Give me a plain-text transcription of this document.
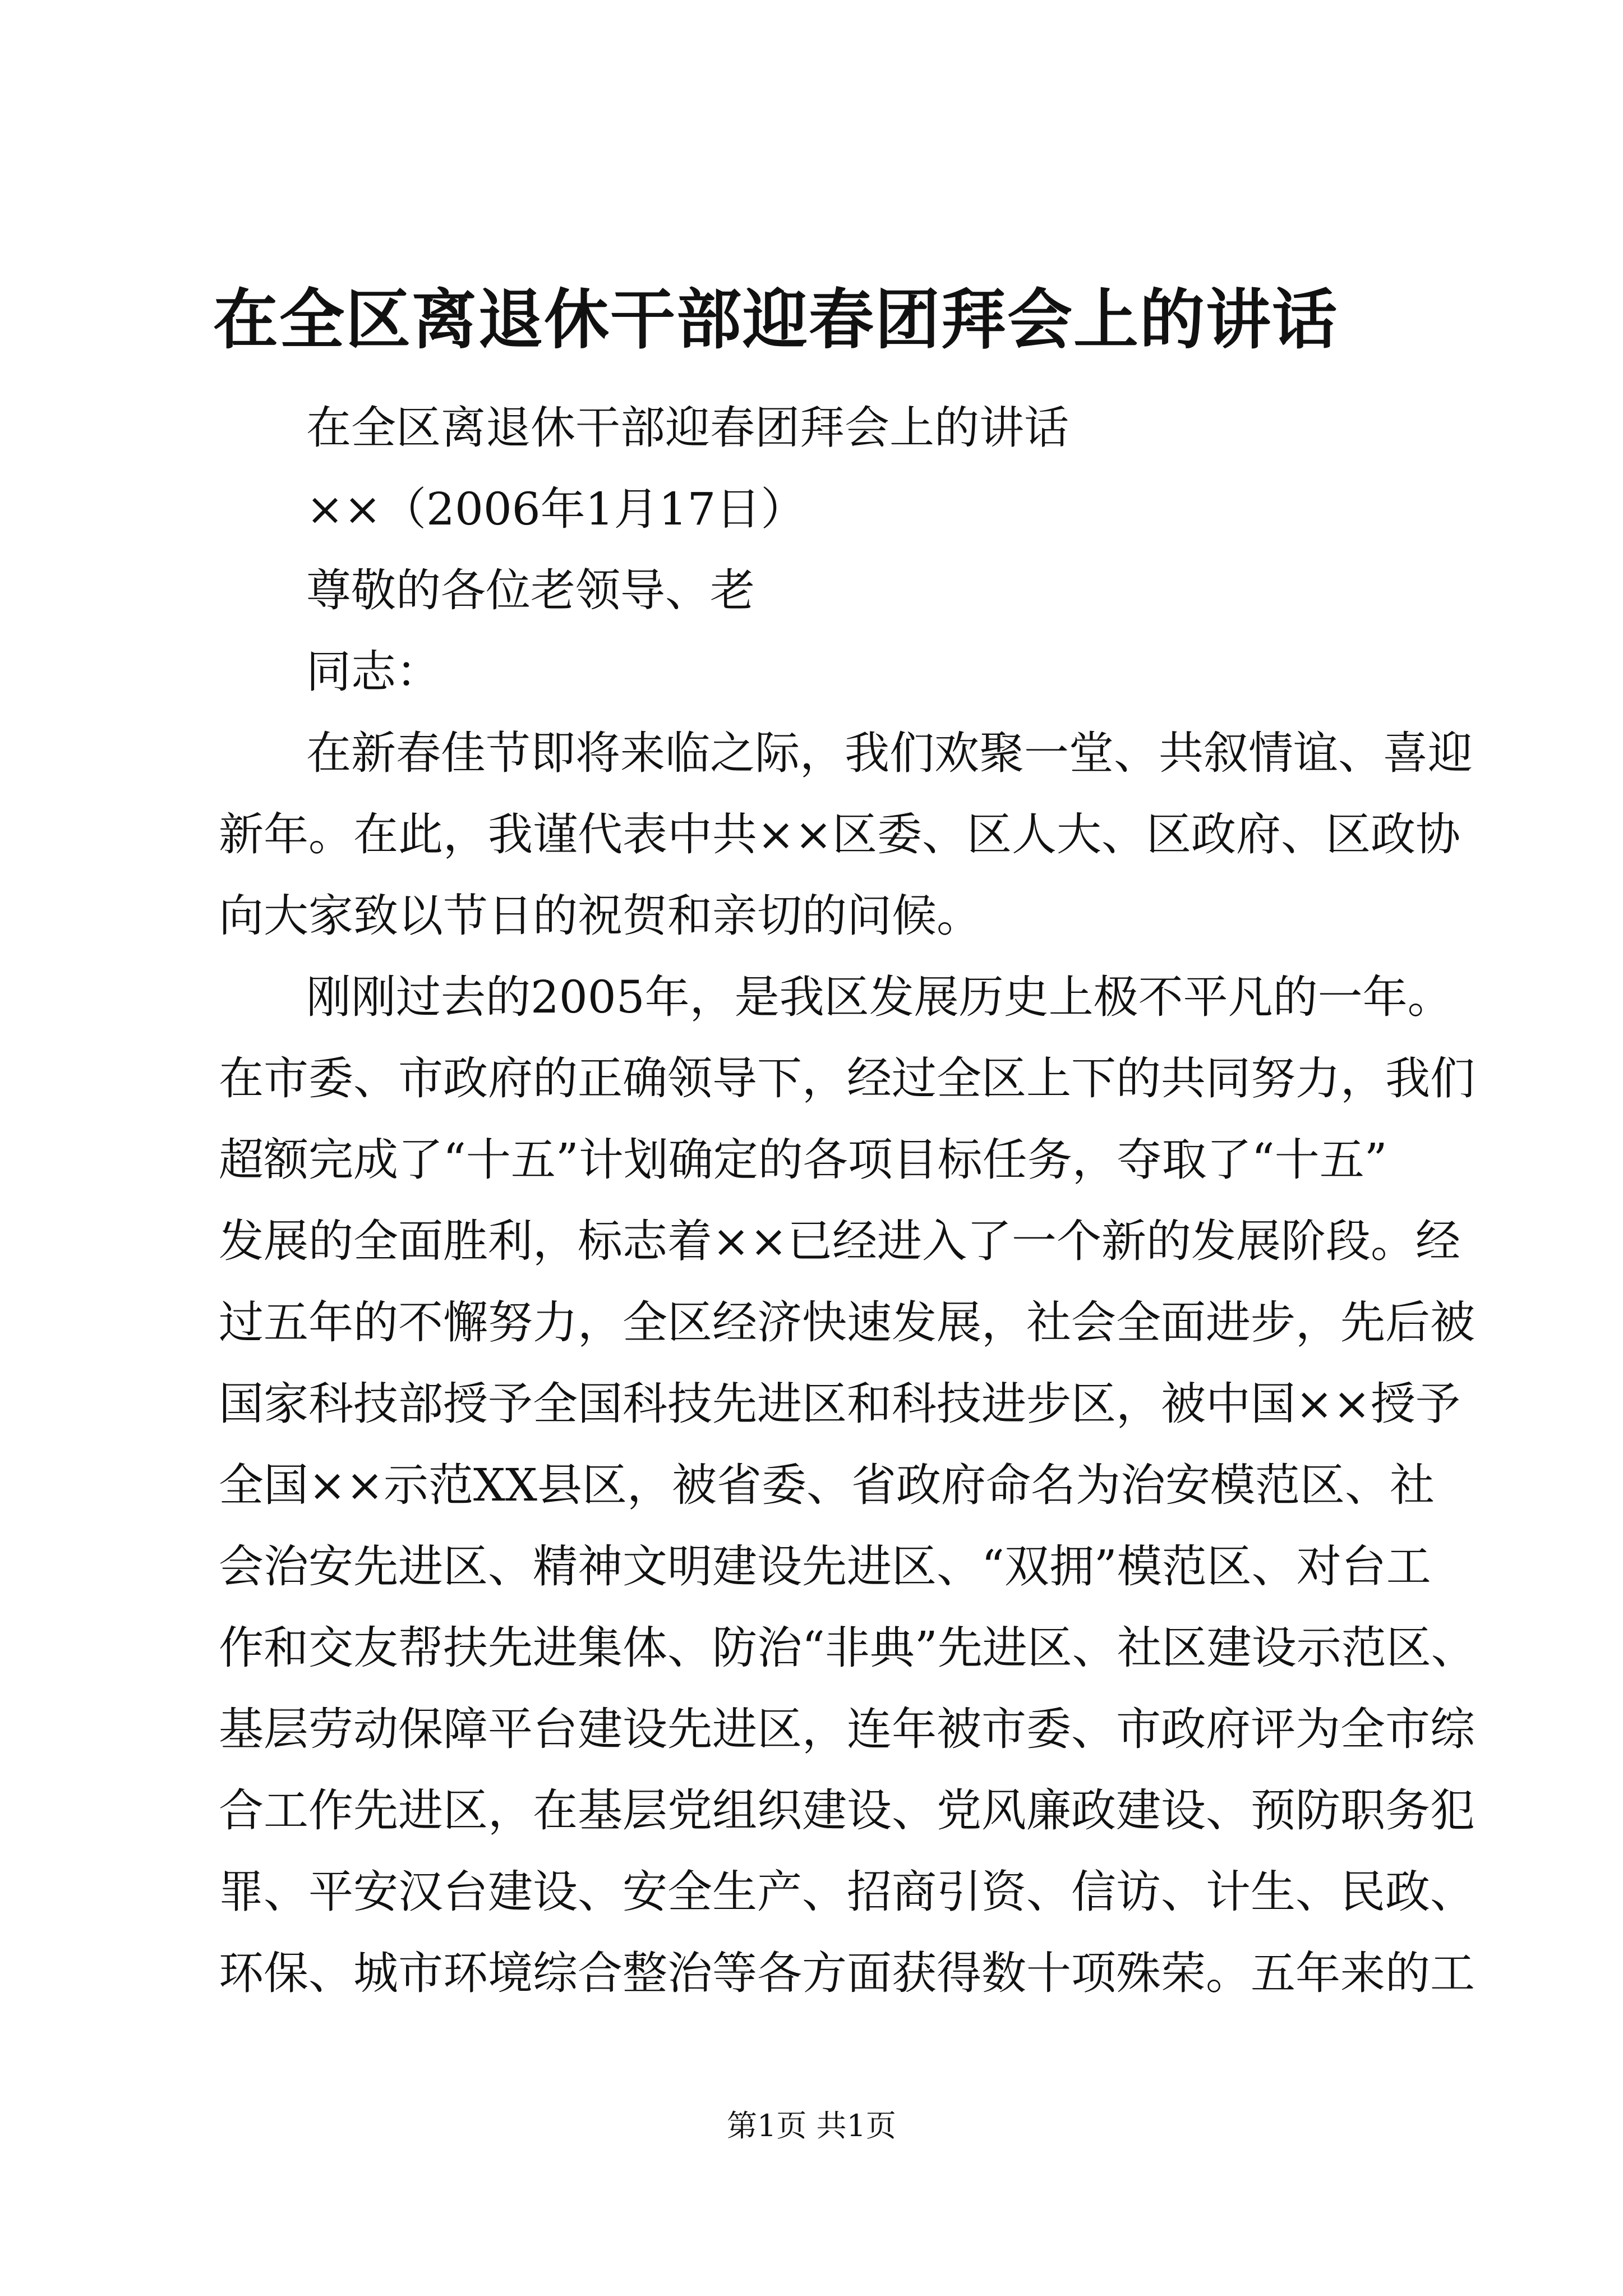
在全区离退休干部迎春团拜会上的讲话
在全区离退休干部迎春团拜会上的讲话
××（2006年1月17日）
尊敬的各位老领导、老
同志：
在新春佳节即将来临之际，我们欢聚一堂、共叙情谊、喜迎
新年。在此，我谨代表中共××区委、区人大、区政府、区政协
向大家致以节日的祝贺和亲切的问候。
刚刚过去的2005年，是我区发展历史上极不平凡的一年。
在市委、市政府的正确领导下，经过全区上下的共同努力，我们
超额完成了“十五”计划确定的各项目标任务，夺取了“十五”
发展的全面胜利，标志着××已经进入了一个新的发展阶段。经
过五年的不懈努力，全区经济快速发展，社会全面进步，先后被
国家科技部授予全国科技先进区和科技进步区，被中国××授予
全国××示范XX县区，被省委、省政府命名为治安模范区、社
会治安先进区、精神文明建设先进区、“双拥”模范区、对台工
作和交友帮扶先进集体、防治“非典”先进区、社区建设示范区、
基层劳动保障平台建设先进区，连年被市委、市政府评为全市综
合工作先进区，在基层党组织建设、党风廉政建设、预防职务犯
罪、平安汉台建设、安全生产、招商引资、信访、计生、民政、
环保、城市环境综合整治等各方面获得数十项殊荣。五年来的工
第1页 共1页
